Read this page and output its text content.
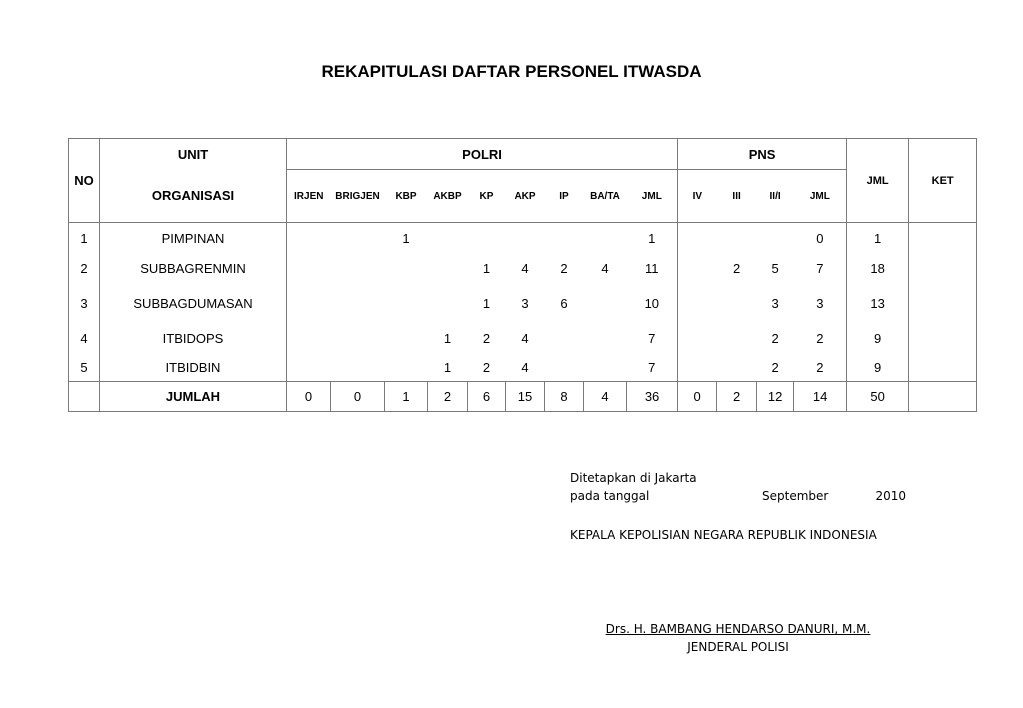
REKAPITULASI DAFTAR PERSONEL ITWASDA
NO	UNIT	POLRI									PNS				JML	KET
	ORGANISASI	IRJEN	BRIGJEN	KBP	AKBP	KP	AKP	IP	BA/TA	JML	IV	III	II/I	JML		
1	PIMPINAN			1						1				0	1	
2	SUBBAGRENMIN					1	4	2	4	11		2	5	7	18	
3	SUBBAGDUMASAN					1	3	6		10			3	3	13	
4	ITBIDOPS				1	2	4			7			2	2	9	
5	ITBIDBIN				1	2	4			7			2	2	9	
	JUMLAH	0	0	1	2	6	15	8	4	36	0	2	12	14	50	
Ditetapkan di Jakarta
pada tanggal	September	2010
KEPALA KEPOLISIAN NEGARA REPUBLIK INDONESIA
Drs. H. BAMBANG HENDARSO DANURI, M.M.
JENDERAL POLISI
